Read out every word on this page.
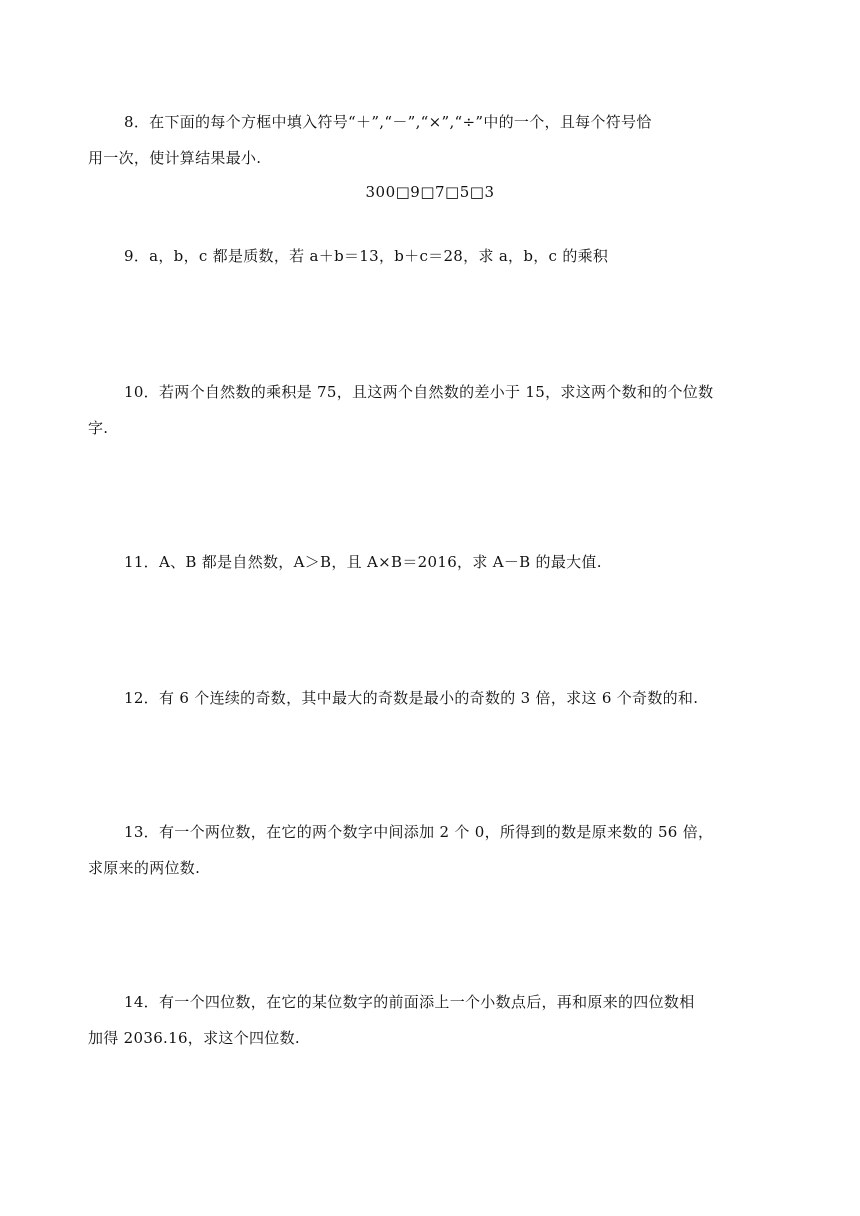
8．在下面的每个方框中填入符号“＋”,“－”,“×”,“÷”中的一个，且每个符号恰
用一次，使计算结果最小.
300□9□7□5□3
9．a，b，c 都是质数，若 a＋b＝13，b＋c＝28，求 a，b，c 的乘积
10．若两个自然数的乘积是 75，且这两个自然数的差小于 15，求这两个数和的个位数
字.
11．A、B 都是自然数，A＞B，且 A×B＝2016，求 A－B 的最大值.
12．有 6 个连续的奇数，其中最大的奇数是最小的奇数的 3 倍，求这 6 个奇数的和.
13．有一个两位数，在它的两个数字中间添加 2 个 0，所得到的数是原来数的 56 倍，
求原来的两位数.
14．有一个四位数，在它的某位数字的前面添上一个小数点后，再和原来的四位数相
加得 2036.16，求这个四位数.
